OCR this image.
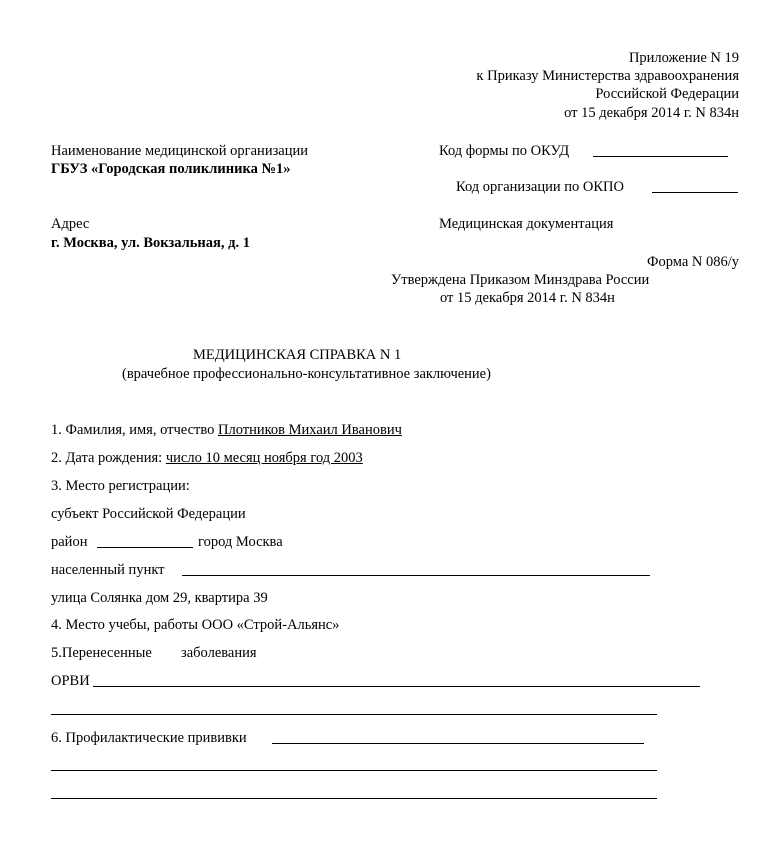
Приложение N 19
к Приказу Министерства здравоохранения
Российской Федерации
от 15 декабря 2014 г. N 834н
Наименование медицинской организации
ГБУЗ «Городская поликлиника №1»
Код формы по ОКУД
Код организации по ОКПО
Адрес
г. Москва, ул. Вокзальная, д. 1
Медицинская документация
Форма N 086/у
Утверждена Приказом Минздрава России
от 15 декабря 2014 г. N 834н
МЕДИЦИНСКАЯ СПРАВКА N 1
(врачебное профессионально-консультативное заключение)
1. Фамилия, имя, отчество Плотников Михаил Иванович
2. Дата рождения: число 10 месяц ноября год 2003
3. Место регистрации:
субъект Российской Федерации
район	город Москва
населенный пункт
улица Солянка дом 29, квартира 39
4. Место учебы, работы ООО «Строй-Альянс»
5.Перенесенные заболевания
ОРВИ
6. Профилактические прививки
